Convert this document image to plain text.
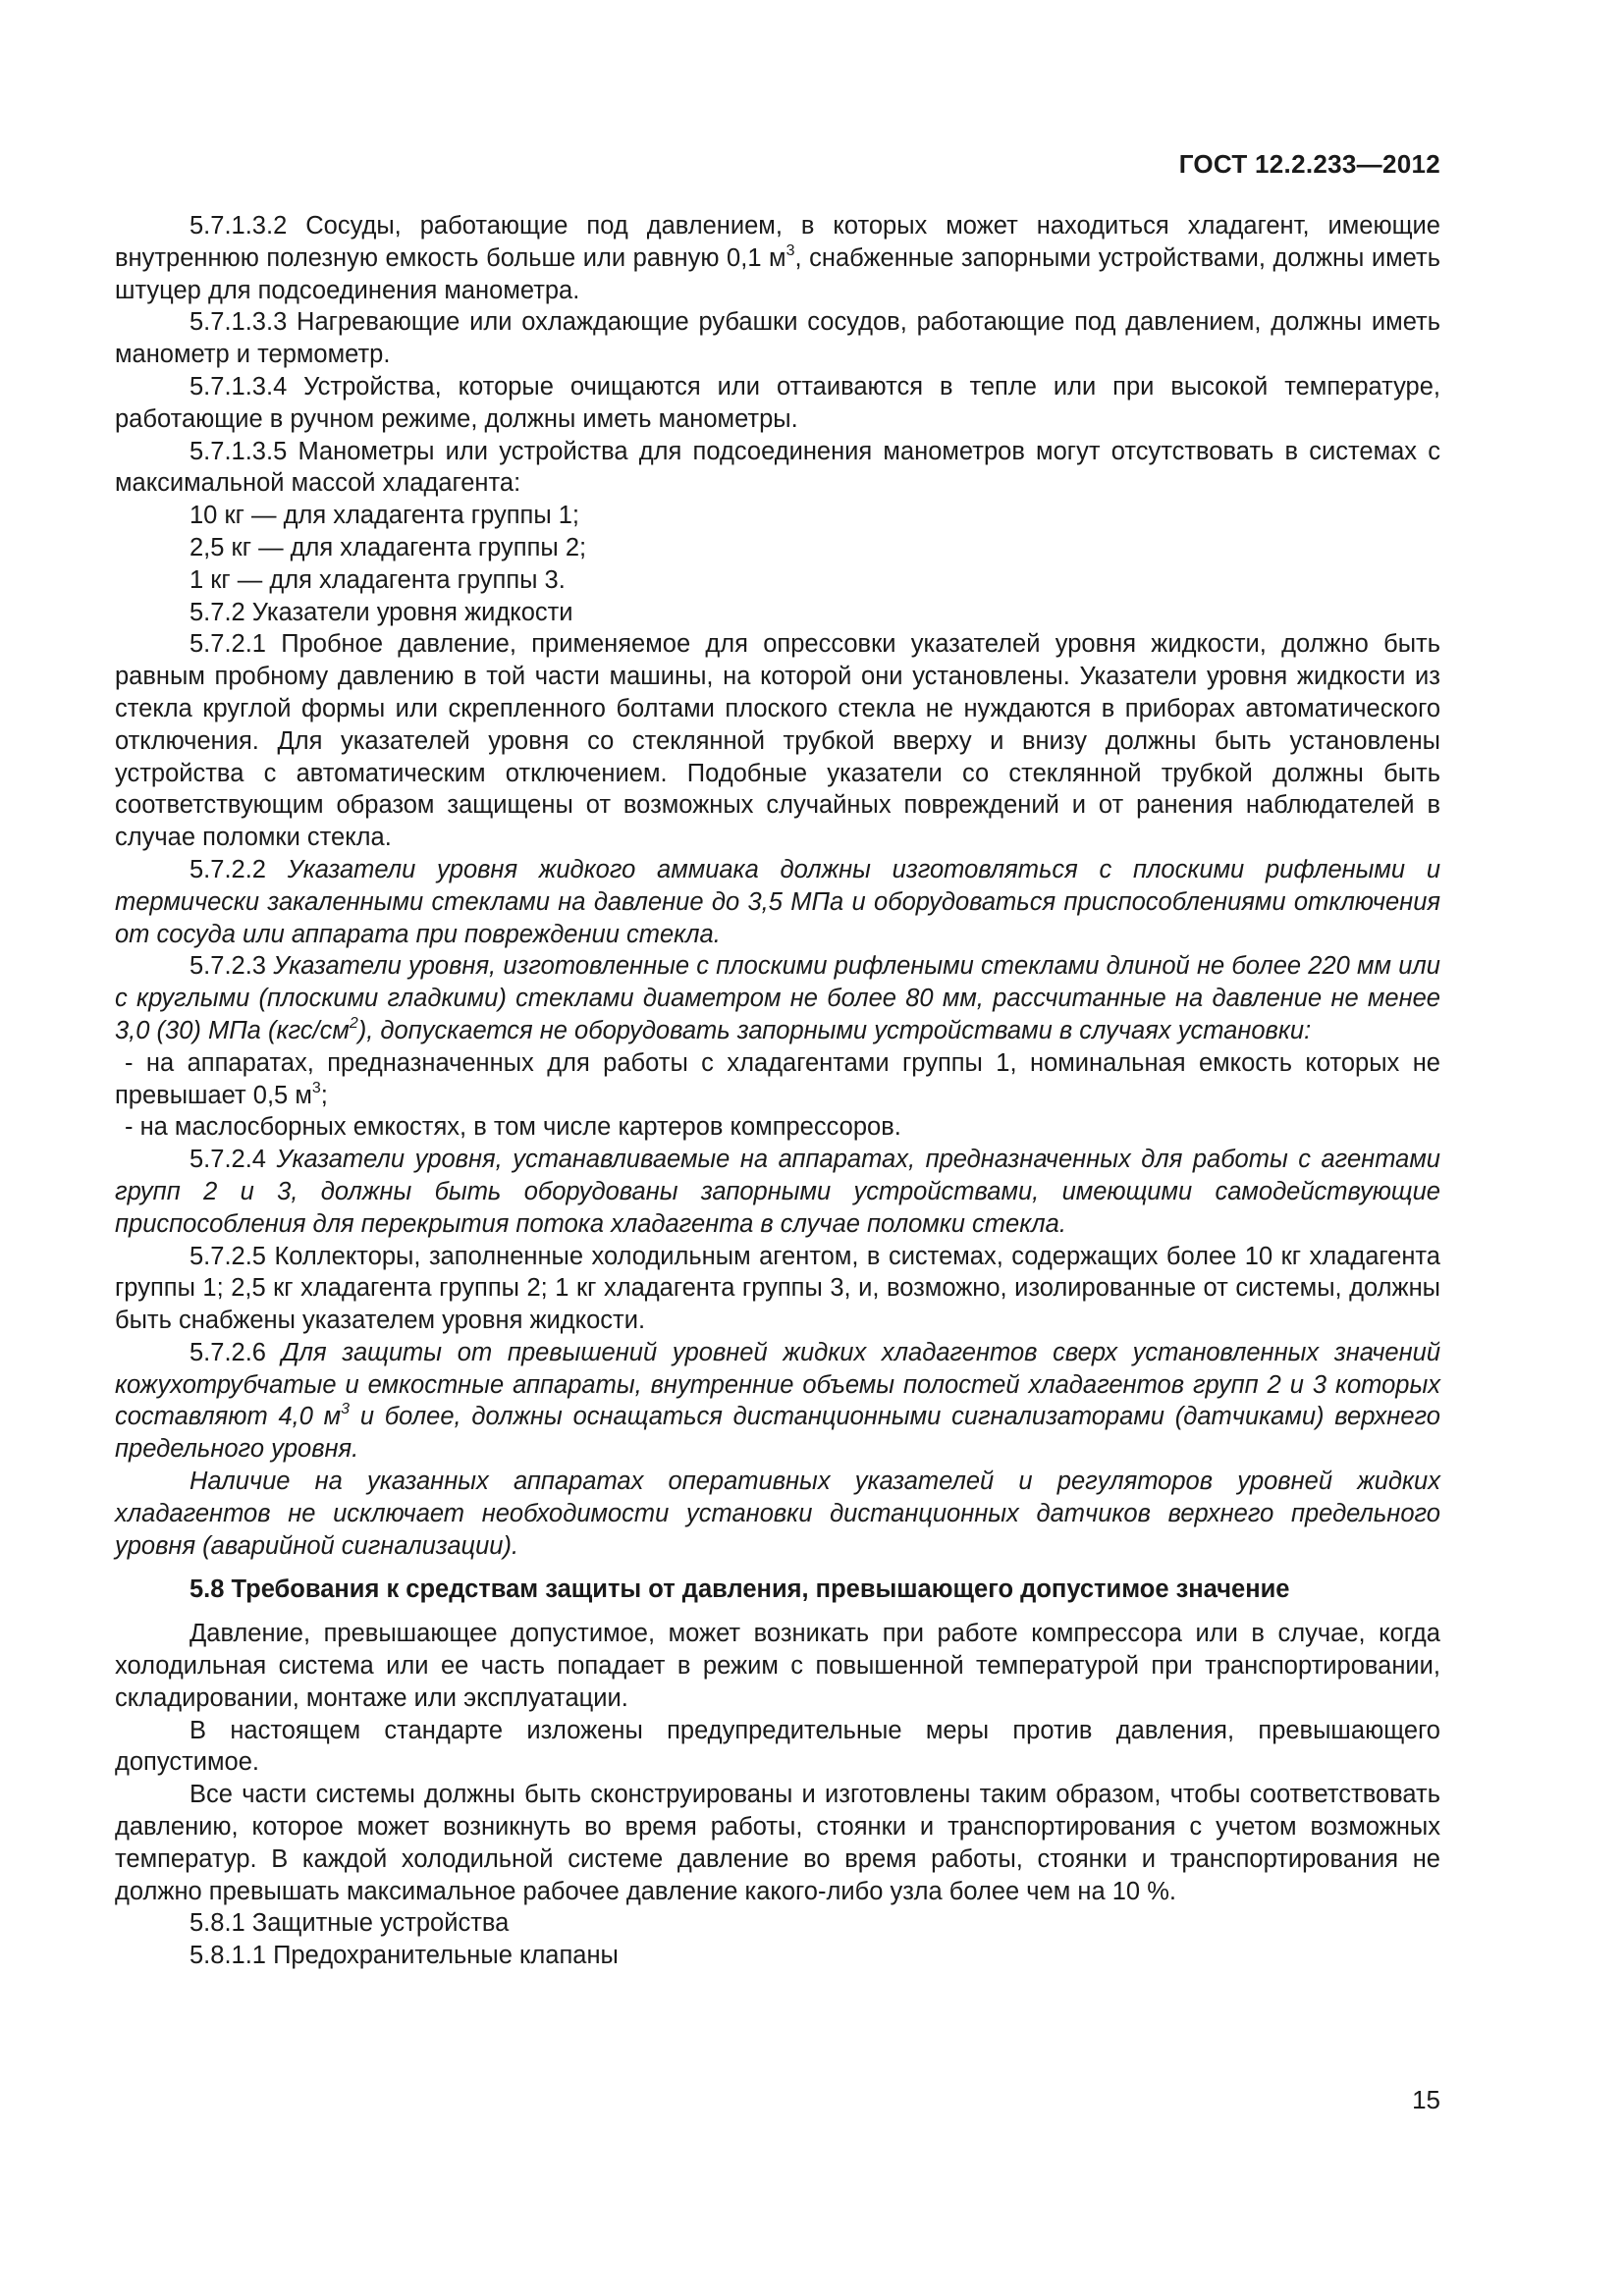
ГОСТ 12.2.233—2012

5.7.1.3.2 Сосуды, работающие под давлением, в которых может находиться хладагент, имеющие внутреннюю полезную емкость больше или равную 0,1 $м^3$, снабженные запорными устройствами, должны иметь штуцер для подсоединения манометра.

5.7.1.3.3 Нагревающие или охлаждающие рубашки сосудов, работающие под давлением, должны иметь манометр и термометр.

5.7.1.3.4 Устройства, которые очищаются или оттаиваются в тепле или при высокой температуре, работающие в ручном режиме, должны иметь манометры.

5.7.1.3.5 Манометры или устройства для подсоединения манометров могут отсутствовать в системах с максимальной массой хладагента:

10 кг — для хладагента группы 1;

2,5 кг — для хладагента группы 2;

1 кг — для хладагента группы 3.

5.7.2 Указатели уровня жидкости

5.7.2.1 Пробное давление, применяемое для опрессовки указателей уровня жидкости, должно быть равным пробному давлению в той части машины, на которой они установлены. Указатели уровня жидкости из стекла круглой формы или скрепленного болтами плоского стекла не нуждаются в приборах автоматического отключения. Для указателей уровня со стеклянной трубкой вверху и внизу должны быть установлены устройства с автоматическим отключением. Подобные указатели со стеклянной трубкой должны быть соответствующим образом защищены от возможных случайных повреждений и от ранения наблюдателей в случае поломки стекла.

5.7.2.2 Указатели уровня жидкого аммиака должны изготовляться с плоскими рифлеными и термически закаленными стеклами на давление до 3,5 МПа и оборудоваться приспособлениями отключения от сосуда или аппарата при повреждении стекла.

5.7.2.3 Указатели уровня, изготовленные с плоскими рифлеными стеклами длиной не более 220 мм или с круглыми (плоскими гладкими) стеклами диаметром не более 80 мм, рассчитанные на давление не менее 3,0 (30) МПа $(кгс/см^2)$, допускается не оборудовать запорными устройствами в случаях установки:

- на аппаратах, предназначенных для работы с хладагентами группы 1, номинальная емкость которых не превышает 0,5 $м^3$;

- на маслосборных емкостях, в том числе картеров компрессоров.

5.7.2.4 Указатели уровня, устанавливаемые на аппаратах, предназначенных для работы с агентами групп 2 и 3, должны быть оборудованы запорными устройствами, имеющими самодействующие приспособления для перекрытия потока хладагента в случае поломки стекла.

5.7.2.5 Коллекторы, заполненные холодильным агентом, в системах, содержащих более 10 кг хладагента группы 1; 2,5 кг хладагента группы 2; 1 кг хладагента группы 3, и, возможно, изолированные от системы, должны быть снабжены указателем уровня жидкости.

5.7.2.6 Для защиты от превышений уровней жидких хладагентов сверх установленных значений кожухотрубчатые и емкостные аппараты, внутренние объемы полостей хладагентов групп 2 и 3 которых составляют 4,0 $м^3$ и более, должны оснащаться дистанционными сигнализаторами (датчиками) верхнего предельного уровня.

Наличие на указанных аппаратах оперативных указателей и регуляторов уровней жидких хладагентов не исключает необходимости установки дистанционных датчиков верхнего предельного уровня (аварийной сигнализации).

5.8 Требования к средствам защиты от давления, превышающего допустимое значение

Давление, превышающее допустимое, может возникать при работе компрессора или в случае, когда холодильная система или ее часть попадает в режим с повышенной температурой при транспортировании, складировании, монтаже или эксплуатации.

В настоящем стандарте изложены предупредительные меры против давления, превышающего допустимое.

Все части системы должны быть сконструированы и изготовлены таким образом, чтобы соответствовать давлению, которое может возникнуть во время работы, стоянки и транспортирования с учетом возможных температур. В каждой холодильной системе давление во время работы, стоянки и транспортирования не должно превышать максимальное рабочее давление какого-либо узла более чем на 10 %.

5.8.1 Защитные устройства

5.8.1.1 Предохранительные клапаны

15
